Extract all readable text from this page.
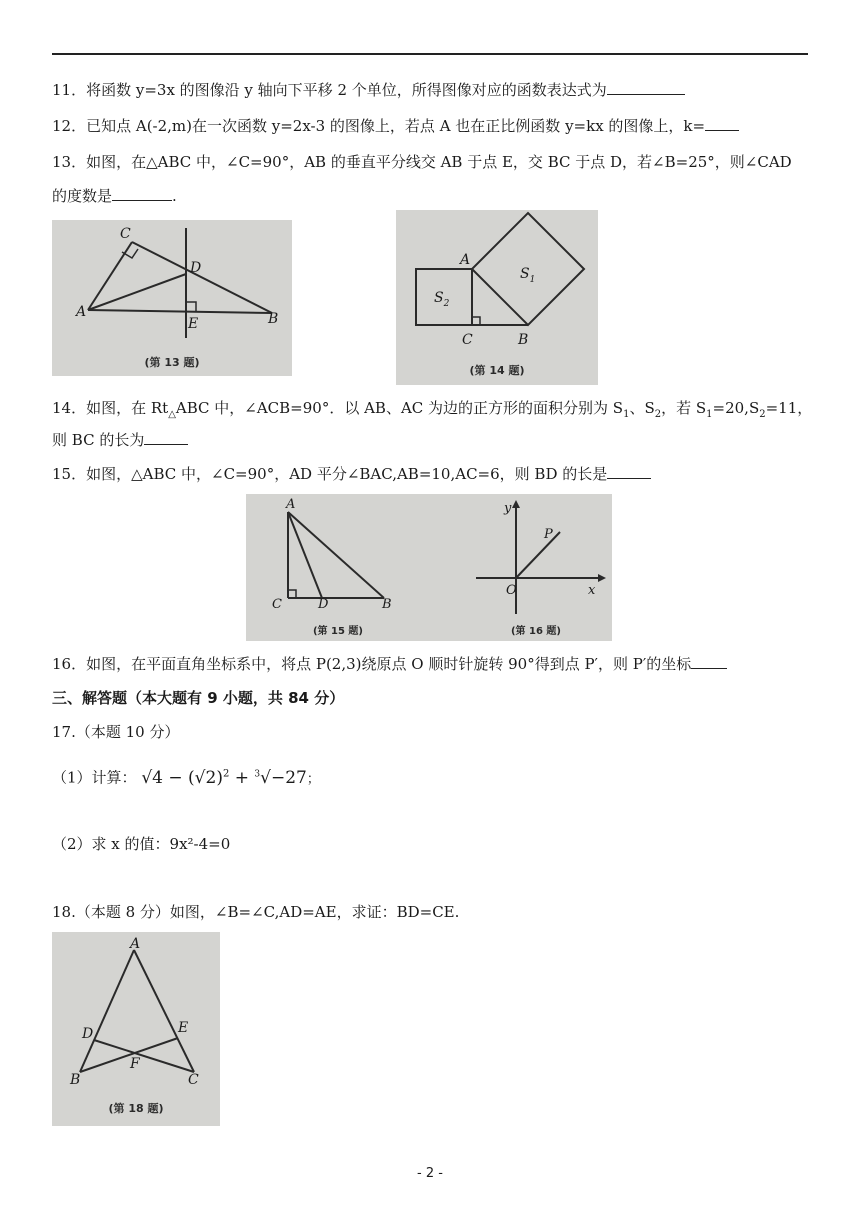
11．将函数 y=3x 的图像沿 y 轴向下平移 2 个单位，所得图像对应的函数表达式为
12．已知点 A(-2,m)在一次函数 y=2x-3 的图像上，若点 A 也在正比例函数 y=kx 的图像上，k=
13．如图，在△ABC 中，∠C=90°，AB 的垂直平分线交 AB 于点 E，交 BC 于点 D，若∠B=25°，则∠CAD
的度数是	.
C
D
A
E	B
(第 13 题)
A
C	B
$S_1$
$S_2$
(第 14 题)
14．如图，在 $Rt_\triangle ABC$ 中，∠ACB=90°．以 AB、AC 为边的正方形的面积分别为 $S_1$、$S_2$，若 $S_1=20,S_2=11$，
则 BC 的长为
15．如图，△ABC 中，∠C=90°，AD 平分∠BAC,AB=10,AC=6，则 BD 的长是
A
C	D	B
y
P
O	x
(第 15 题)	(第 16 题)
16．如图，在平面直角坐标系中，将点 P(2,3)绕原点 O 顺时针旋转 90°得到点 P′，则 P′的坐标
三、解答题（本大题有 9 小题，共 84 分）
17.（本题 10 分）
（1）计算： $√4 - (√2)^2 + ^3√-27$；
（2）求 x 的值：9x²-4=0
18.（本题 8 分）如图，∠B=∠C,AD=AE，求证：BD=CE.
A
D	E
F
B	C
(第 18 题)
- 2 -
